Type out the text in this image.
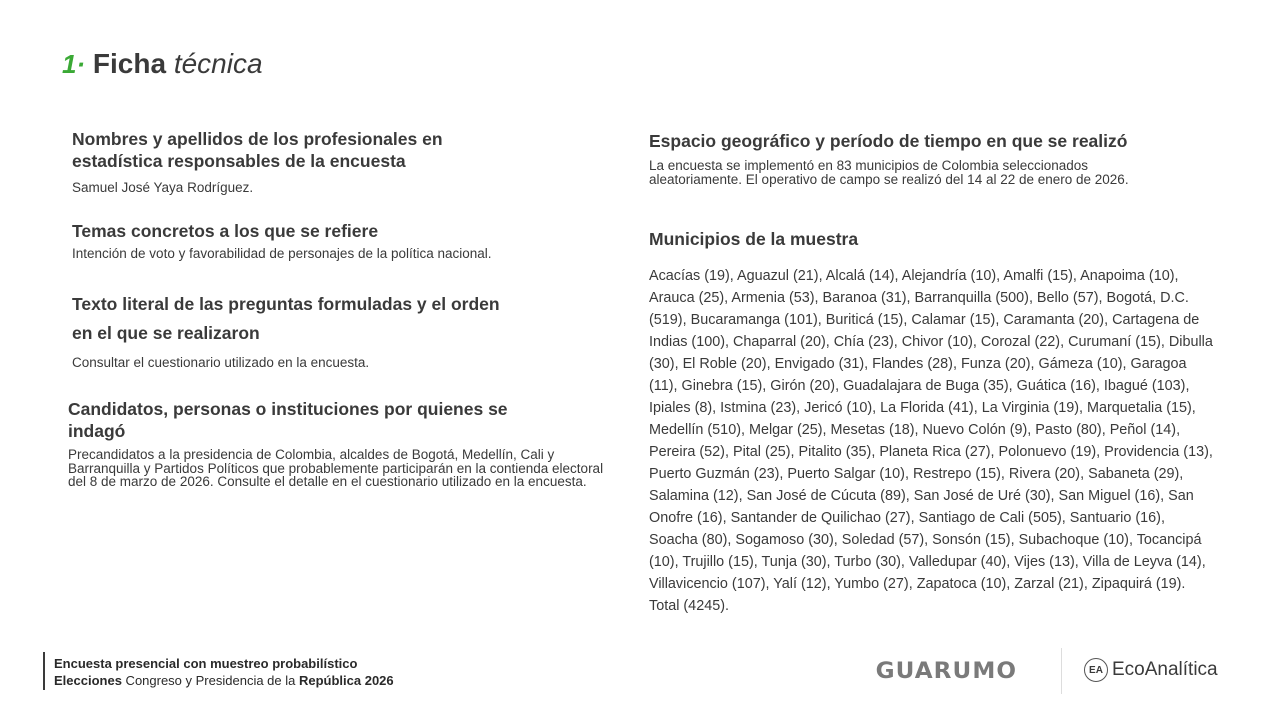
1· Ficha técnica
Nombres y apellidos de los profesionales en estadística responsables de la encuesta
Samuel José Yaya Rodríguez.
Temas concretos a los que se refiere
Intención de voto y favorabilidad de personajes de la política nacional.
Texto literal de las preguntas formuladas y el orden en el que se realizaron
Consultar el cuestionario utilizado en la encuesta.
Candidatos, personas o instituciones por quienes se indagó
Precandidatos a la presidencia de Colombia, alcaldes de Bogotá, Medellín, Cali y Barranquilla y Partidos Políticos que probablemente participarán en la contienda electoral del 8 de marzo de 2026. Consulte el detalle en el cuestionario utilizado en la encuesta.
Espacio geográfico y período de tiempo en que se realizó
La encuesta se implementó en 83 municipios de Colombia seleccionados aleatoriamente. El operativo de campo se realizó del 14 al 22 de enero de 2026.
Municipios de la muestra
Acacías (19), Aguazul (21), Alcalá (14), Alejandría (10), Amalfi (15), Anapoima (10), Arauca (25), Armenia (53), Baranoa (31), Barranquilla (500), Bello (57), Bogotá, D.C. (519), Bucaramanga (101), Buriticá (15), Calamar (15), Caramanta (20), Cartagena de Indias (100), Chaparral (20), Chía (23), Chivor (10), Corozal (22), Curumaní (15), Dibulla (30), El Roble (20), Envigado (31), Flandes (28), Funza (20), Gámeza (10), Garagoa (11), Ginebra (15), Girón (20), Guadalajara de Buga (35), Guática (16), Ibagué (103), Ipiales (8), Istmina (23), Jericó (10), La Florida (41), La Virginia (19), Marquetalia (15), Medellín (510), Melgar (25), Mesetas (18), Nuevo Colón (9), Pasto (80), Peñol (14), Pereira (52), Pital (25), Pitalito (35), Planeta Rica (27), Polonuevo (19), Providencia (13), Puerto Guzmán (23), Puerto Salgar (10), Restrepo (15), Rivera (20), Sabaneta (29), Salamina (12), San José de Cúcuta (89), San José de Uré (30), San Miguel (16), San Onofre (16), Santander de Quilichao (27), Santiago de Cali (505), Santuario (16), Soacha (80), Sogamoso (30), Soledad (57), Sonsón (15), Subachoque (10), Tocancipá (10), Trujillo (15), Tunja (30), Turbo (30), Valledupar (40), Vijes (13), Villa de Leyva (14), Villavicencio (107), Yalí (12), Yumbo (27), Zapatoca (10), Zarzal (21), Zipaquirá (19). Total (4245).
Encuesta presencial con muestreo probabilístico
Elecciones Congreso y Presidencia de la República 2026	GUARUMO	EA EcoAnalítica
